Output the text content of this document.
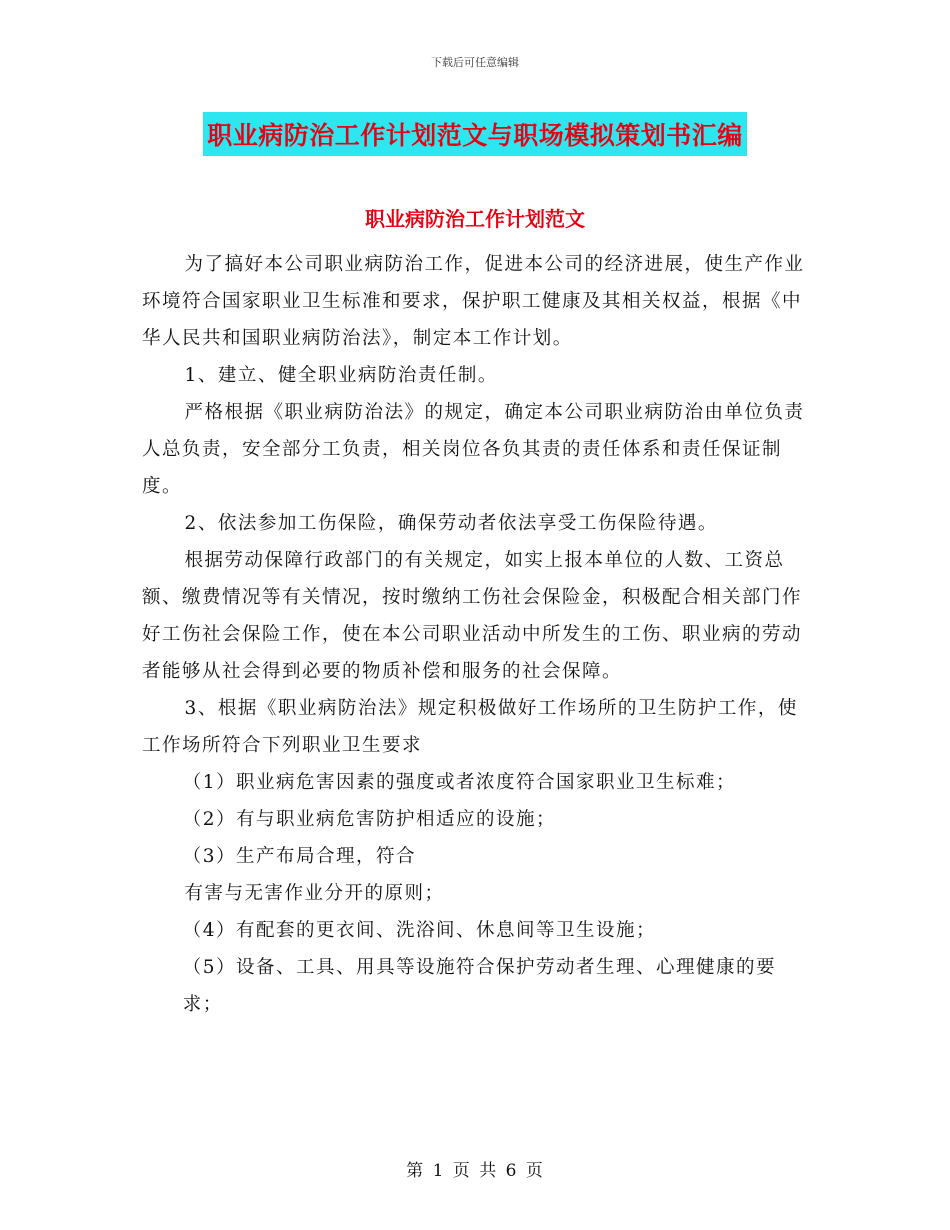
下载后可任意编辑
职业病防治工作计划范文与职场模拟策划书汇编
职业病防治工作计划范文

为了搞好本公司职业病防治工作，促进本公司的经济进展，使生产作业环境符合国家职业卫生标准和要求，保护职工健康及其相关权益，根据《中华人民共和国职业病防治法》，制定本工作计划。

1、建立、健全职业病防治责任制。

严格根据《职业病防治法》的规定，确定本公司职业病防治由单位负责人总负责，安全部分工负责，相关岗位各负其责的责任体系和责任保证制度。

2、依法参加工伤保险，确保劳动者依法享受工伤保险待遇。

根据劳动保障行政部门的有关规定，如实上报本单位的人数、工资总额、缴费情况等有关情况，按时缴纳工伤社会保险金，积极配合相关部门作好工伤社会保险工作，使在本公司职业活动中所发生的工伤、职业病的劳动者能够从社会得到必要的物质补偿和服务的社会保障。

3、根据《职业病防治法》规定积极做好工作场所的卫生防护工作，使工作场所符合下列职业卫生要求

（1）职业病危害因素的强度或者浓度符合国家职业卫生标难；

（2）有与职业病危害防护相适应的设施；

（3）生产布局合理，符合

有害与无害作业分开的原则；

（4）有配套的更衣间、洗浴间、休息间等卫生设施；

（5）设备、工具、用具等设施符合保护劳动者生理、心理健康的要求；

第 1 页 共 6 页
